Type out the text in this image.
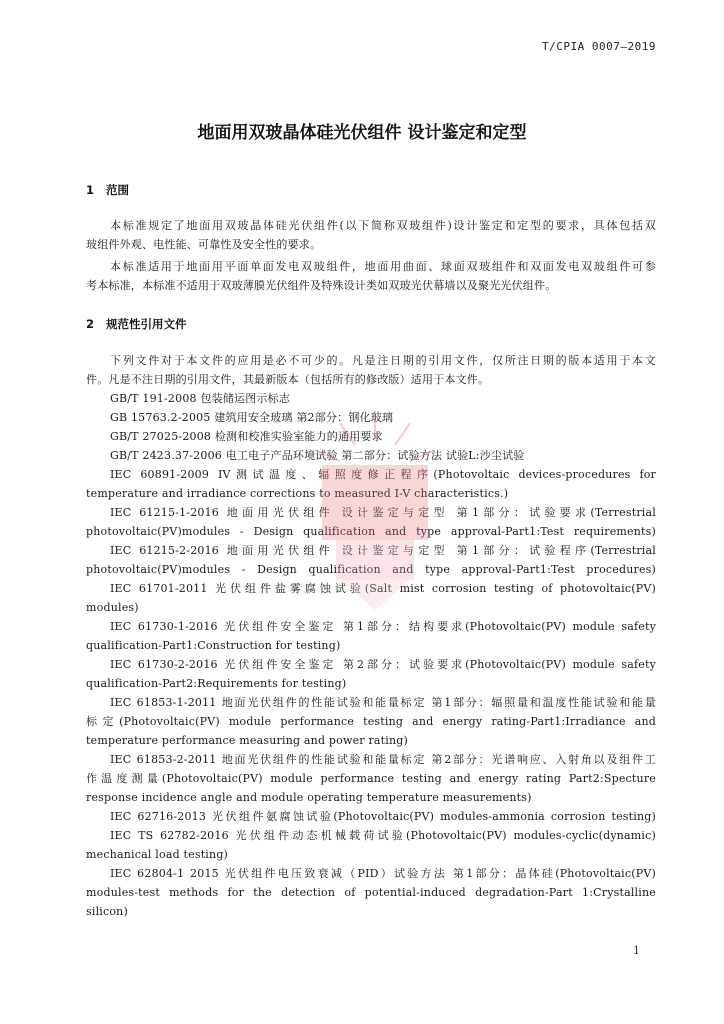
T/CPIA 0007—2019
地面用双玻晶体硅光伏组件 设计鉴定和定型
1 范围
本标准规定了地面用双玻晶体硅光伏组件(以下简称双玻组件)设计鉴定和定型的要求，具体包括双
玻组件外观、电性能、可靠性及安全性的要求。
本标准适用于地面用平面单面发电双玻组件，地面用曲面、球面双玻组件和双面发电双玻组件可参
考本标准，本标准不适用于双玻薄膜光伏组件及特殊设计类如双玻光伏幕墙以及聚光光伏组件。
2 规范性引用文件
下列文件对于本文件的应用是必不可少的。凡是注日期的引用文件，仅所注日期的版本适用于本文
件。凡是不注日期的引用文件，其最新版本（包括所有的修改版）适用于本文件。
GB/T 191-2008 包装储运图示标志
GB 15763.2-2005 建筑用安全玻璃 第2部分：钢化玻璃
GB/T 27025-2008 检测和校准实验室能力的通用要求
GB/T 2423.37-2006 电工电子产品环境试验 第二部分：试验方法 试验L:沙尘试验
IEC 60891-2009 IV测试温度、辐照度修正程序(Photovoltaic devices-procedures for
temperature and irradiance corrections to measured I-V characteristics.)
IEC 61215-1-2016 地面用光伏组件 设计鉴定与定型 第1部分：试验要求(Terrestrial
photovoltaic(PV)modules - Design qualification and type approval-Part1:Test requirements)
IEC 61215-2-2016 地面用光伏组件 设计鉴定与定型 第1部分：试验程序(Terrestrial
photovoltaic(PV)modules - Design qualification and type approval-Part1:Test procedures)
IEC 61701-2011 光伏组件盐雾腐蚀试验(Salt mist corrosion testing of photovoltaic(PV)
modules)
IEC 61730-1-2016 光伏组件安全鉴定 第1部分：结构要求(Photovoltaic(PV) module safety
qualification-Part1:Construction for testing)
IEC 61730-2-2016 光伏组件安全鉴定 第2部分：试验要求(Photovoltaic(PV) module safety
qualification-Part2:Requirements for testing)
IEC 61853-1-2011 地面光伏组件的性能试验和能量标定 第1部分：辐照量和温度性能试验和能量
标定(Photovoltaic(PV) module performance testing and energy rating-Part1:Irradiance and
temperature performance measuring and power rating)
IEC 61853-2-2011 地面光伏组件的性能试验和能量标定 第2部分：光谱响应、入射角以及组件工
作温度测量(Photovoltaic(PV) module performance testing and energy rating Part2:Specture
response incidence angle and module operating temperature measurements)
IEC 62716-2013 光伏组件氨腐蚀试验(Photovoltaic(PV) modules-ammonia corrosion testing)
IEC TS 62782-2016 光伏组件动态机械载荷试验(Photovoltaic(PV) modules-cyclic(dynamic)
mechanical load testing)
IEC 62804-1 2015 光伏组件电压致衰减（PID）试验方法 第1部分：晶体硅(Photovoltaic(PV)
modules-test methods for the detection of potential-induced degradation-Part 1:Crystalline
silicon)
1
